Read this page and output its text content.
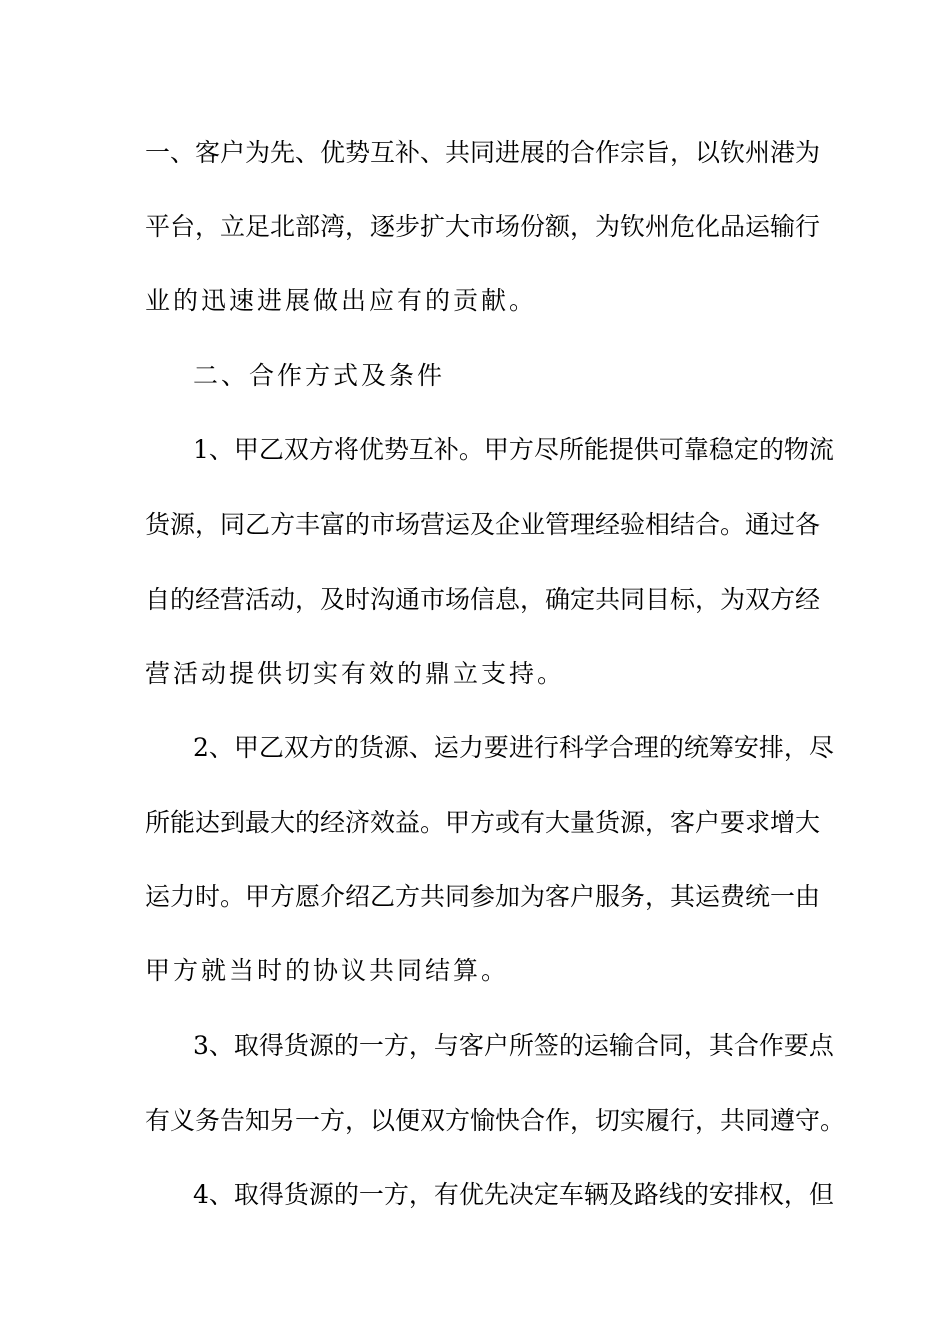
一、客户为先、优势互补、共同进展的合作宗旨，以钦州港为
平台，立足北部湾，逐步扩大市场份额，为钦州危化品运输行
业的迅速进展做出应有的贡献。
二、合作方式及条件
1、甲乙双方将优势互补。甲方尽所能提供可靠稳定的物流
货源，同乙方丰富的市场营运及企业管理经验相结合。通过各
自的经营活动，及时沟通市场信息，确定共同目标，为双方经
营活动提供切实有效的鼎立支持。
2、甲乙双方的货源、运力要进行科学合理的统筹安排，尽
所能达到最大的经济效益。甲方或有大量货源，客户要求增大
运力时。甲方愿介绍乙方共同参加为客户服务，其运费统一由
甲方就当时的协议共同结算。
3、取得货源的一方，与客户所签的运输合同，其合作要点
有义务告知另一方，以便双方愉快合作，切实履行，共同遵守。
4、取得货源的一方，有优先决定车辆及路线的安排权，但
